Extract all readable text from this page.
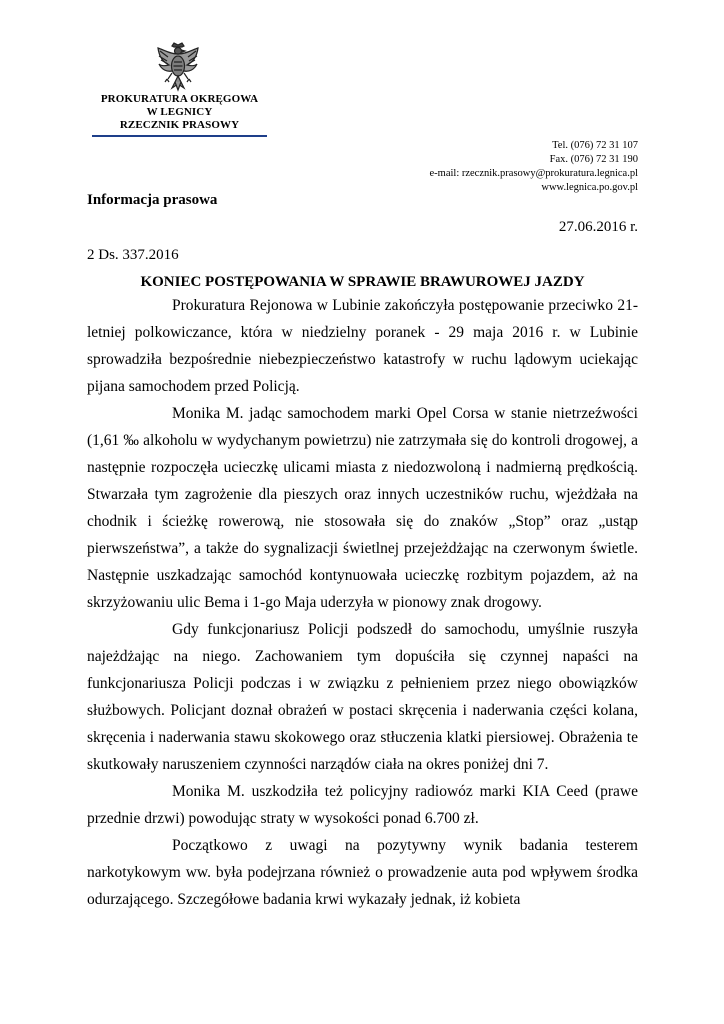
PROKURATURA OKRĘGOWA
W LEGNICY
RZECZNIK PRASOWY
Tel. (076) 72 31 107
Fax. (076) 72 31 190
e-mail: rzecznik.prasowy@prokuratura.legnica.pl
www.legnica.po.gov.pl
Informacja prasowa
27.06.2016 r.
2 Ds. 337.2016
KONIEC POSTĘPOWANIA W SPRAWIE BRAWUROWEJ JAZDY

Prokuratura Rejonowa w Lubinie zakończyła postępowanie przeciwko 21-letniej polkowiczance, która w niedzielny poranek - 29 maja 2016 r. w Lubinie sprowadziła bezpośrednie niebezpieczeństwo katastrofy w ruchu lądowym uciekając pijana samochodem przed Policją.

Monika M. jadąc samochodem marki Opel Corsa w stanie nietrzeźwości (1,61 ‰ alkoholu w wydychanym powietrzu) nie zatrzymała się do kontroli drogowej, a następnie rozpoczęła ucieczkę ulicami miasta z niedozwoloną i nadmierną prędkością. Stwarzała tym zagrożenie dla pieszych oraz innych uczestników ruchu, wjeżdżała na chodnik i ścieżkę rowerową, nie stosowała się do znaków „Stop” oraz „ustąp pierwszeństwa”, a także do sygnalizacji świetlnej przejeżdżając na czerwonym świetle. Następnie uszkadzając samochód kontynuowała ucieczkę rozbitym pojazdem, aż na skrzyżowaniu ulic Bema i 1-go Maja uderzyła w pionowy znak drogowy.

Gdy funkcjonariusz Policji podszedł do samochodu, umyślnie ruszyła najeżdżając na niego. Zachowaniem tym dopuściła się czynnej napaści na funkcjonariusza Policji podczas i w związku z pełnieniem przez niego obowiązków służbowych. Policjant doznał obrażeń w postaci skręcenia i naderwania części kolana, skręcenia i naderwania stawu skokowego oraz stłuczenia klatki piersiowej. Obrażenia te skutkowały naruszeniem czynności narządów ciała na okres poniżej dni 7.

Monika M. uszkodziła też policyjny radiowóz marki KIA Ceed (prawe przednie drzwi) powodując straty w wysokości ponad 6.700 zł.

Początkowo z uwagi na pozytywny wynik badania testerem narkotykowym ww. była podejrzana również o prowadzenie auta pod wpływem środka odurzającego. Szczegółowe badania krwi wykazały jednak, iż kobieta
